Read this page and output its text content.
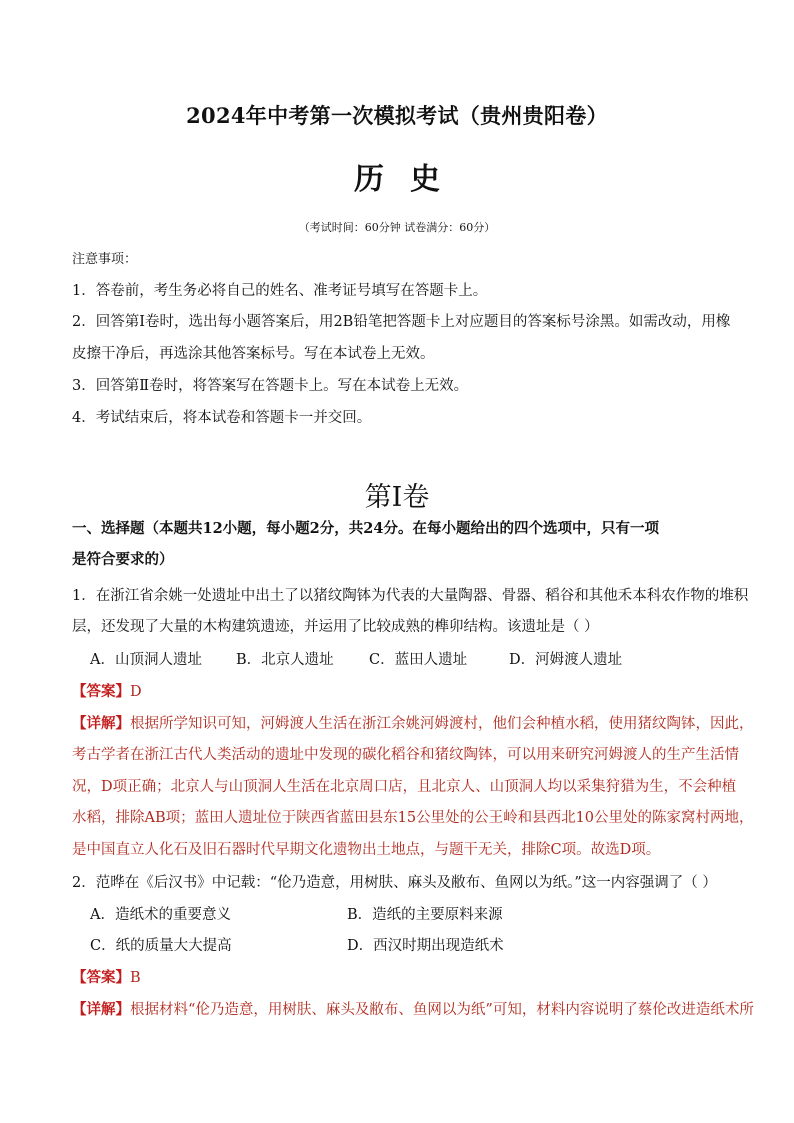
2024年中考第一次模拟考试（贵州贵阳卷）
历史
（考试时间：60分钟 试卷满分：60分）
注意事项：
1．答卷前，考生务必将自己的姓名、准考证号填写在答题卡上。
2．回答第Ⅰ卷时，选出每小题答案后，用2B铅笔把答题卡上对应题目的答案标号涂黑。如需改动，用橡
皮擦干净后，再选涂其他答案标号。写在本试卷上无效。
3．回答第Ⅱ卷时，将答案写在答题卡上。写在本试卷上无效。
4．考试结束后，将本试卷和答题卡一并交回。
第Ⅰ卷
一、选择题（本题共12小题，每小题2分，共24分。在每小题给出的四个选项中，只有一项
是符合要求的）
1．在浙江省余姚一处遗址中出土了以猪纹陶钵为代表的大量陶器、骨器、稻谷和其他禾本科农作物的堆积
层，还发现了大量的木构建筑遗迹，并运用了比较成熟的榫卯结构。该遗址是（ ）
A．山顶洞人遗址 B．北京人遗址 C．蓝田人遗址	D．河姆渡人遗址
【答案】D
【详解】根据所学知识可知，河姆渡人生活在浙江余姚河姆渡村，他们会种植水稻，使用猪纹陶钵，因此，
考古学者在浙江古代人类活动的遗址中发现的碳化稻谷和猪纹陶钵，可以用来研究河姆渡人的生产生活情
况，D项正确；北京人与山顶洞人生活在北京周口店，且北京人、山顶洞人均以采集狩猎为生，不会种植
水稻，排除AB项；蓝田人遗址位于陕西省蓝田县东15公里处的公王岭和县西北10公里处的陈家窝村两地，
是中国直立人化石及旧石器时代早期文化遗物出土地点，与题干无关，排除C项。故选D项。
2．范晔在《后汉书》中记载：“伦乃造意，用树肤、麻头及敝布、鱼网以为纸。”这一内容强调了（ ）
A．造纸术的重要意义	B．造纸的主要原料来源
C．纸的质量大大提高	D．西汉时期出现造纸术
【答案】B
【详解】根据材料“伦乃造意，用树肤、麻头及敝布、鱼网以为纸”可知，材料内容说明了蔡伦改进造纸术所
